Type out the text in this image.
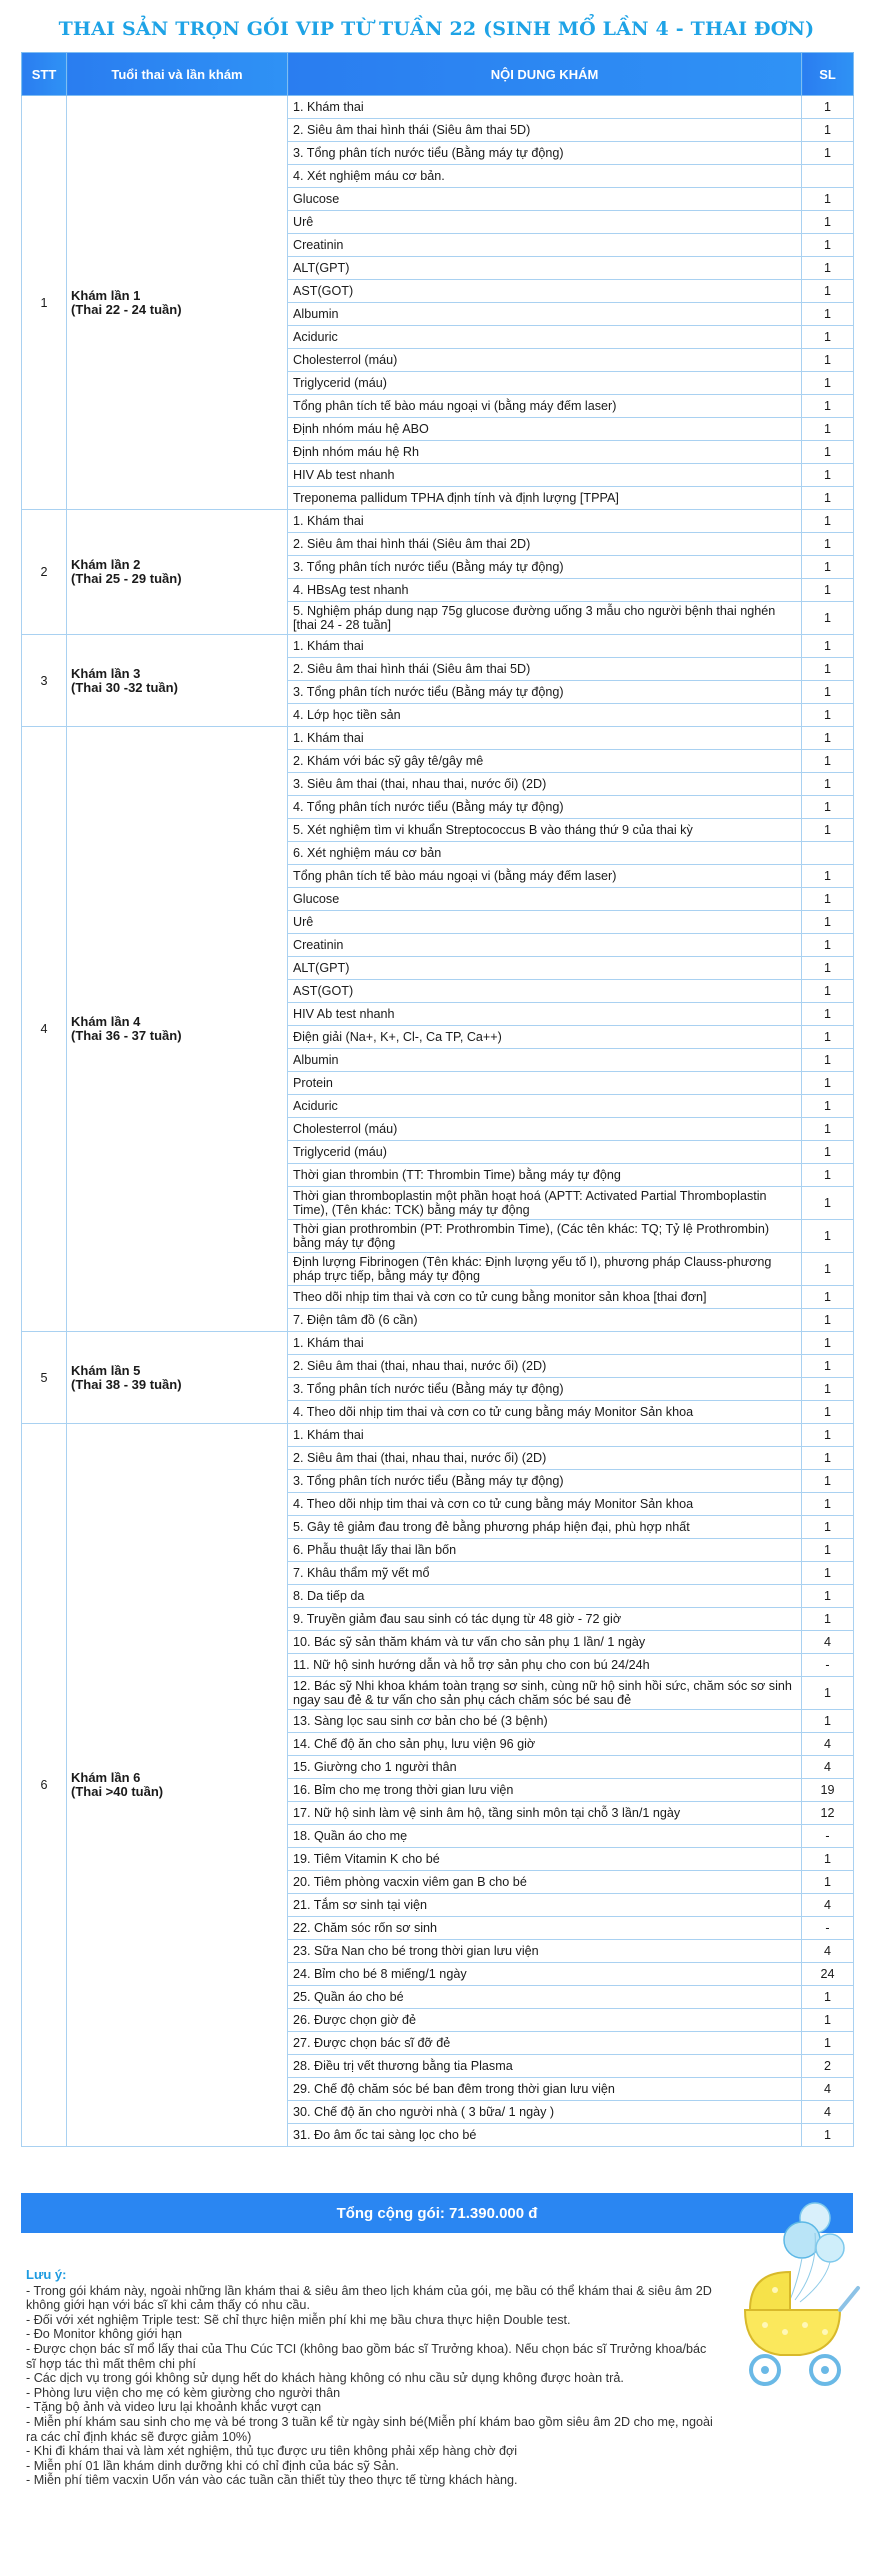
THAI SẢN TRỌN GÓI VIP TỪ TUẦN 22 (SINH MỔ LẦN 4 - THAI ĐƠN)
STT	Tuổi thai và lần khám	NỘI DUNG KHÁM	SL
1	Khám lần 1
(Thai 22 - 24 tuần)	1. Khám thai	1
		2. Siêu âm thai hình thái (Siêu âm thai 5D)	1
		3. Tổng phân tích nước tiểu (Bằng máy tự động)	1
		4. Xét nghiệm máu cơ bản.	
		Glucose	1
		Urê	1
		Creatinin	1
		ALT(GPT)	1
		AST(GOT)	1
		Albumin	1
		Aciduric	1
		Cholesterrol (máu)	1
		Triglycerid (máu)	1
		Tổng phân tích tế bào máu ngoại vi (bằng máy đếm laser)	1
		Định nhóm máu hệ ABO	1
		Định nhóm máu hệ Rh	1
		HIV Ab test nhanh	1
		Treponema pallidum TPHA định tính và định lượng [TPPA]	1
2	Khám lần 2
(Thai 25 - 29 tuần)	1. Khám thai	1
		2. Siêu âm thai hình thái (Siêu âm thai 2D)	1
		3. Tổng phân tích nước tiểu (Bằng máy tự động)	1
		4. HBsAg test nhanh	1
		5. Nghiệm pháp dung nạp 75g glucose đường uống 3 mẫu cho người bệnh thai nghén [thai 24 - 28 tuần]	1
3	Khám lần 3
(Thai 30 -32 tuần)	1. Khám thai	1
		2. Siêu âm thai hình thái (Siêu âm thai 5D)	1
		3. Tổng phân tích nước tiểu (Bằng máy tự động)	1
		4. Lớp học tiền sản	1
4	Khám lần 4
(Thai 36 - 37 tuần)	1. Khám thai	1
		2. Khám với bác sỹ gây tê/gây mê	1
		3. Siêu âm thai (thai, nhau thai, nước ối) (2D)	1
		4. Tổng phân tích nước tiểu (Bằng máy tự động)	1
		5. Xét nghiệm tìm vi khuẩn Streptococcus B vào tháng thứ 9 của thai kỳ	1
		6. Xét nghiệm máu cơ bản	
		Tổng phân tích tế bào máu ngoại vi (bằng máy đếm laser)	1
		Glucose	1
		Urê	1
		Creatinin	1
		ALT(GPT)	1
		AST(GOT)	1
		HIV Ab test nhanh	1
		Điện giải (Na+, K+, Cl-, Ca TP, Ca++)	1
		Albumin	1
		Protein	1
		Aciduric	1
		Cholesterrol (máu)	1
		Triglycerid (máu)	1
		Thời gian thrombin (TT: Thrombin Time) bằng máy tự động	1
		Thời gian thromboplastin một phần hoạt hoá (APTT: Activated Partial Thromboplastin Time), (Tên khác: TCK) bằng máy tự động	1
		Thời gian prothrombin (PT: Prothrombin Time), (Các tên khác: TQ; Tỷ lệ Prothrombin) bằng máy tự động	1
		Định lượng Fibrinogen (Tên khác: Định lượng yếu tố I), phương pháp Clauss-phương pháp trực tiếp, bằng máy tự động	1
		Theo dõi nhịp tim thai và cơn co tử cung bằng monitor sản khoa [thai đơn]	1
		7. Điện tâm đồ (6 cần)	1
5	Khám lần 5
(Thai 38 - 39 tuần)	1. Khám thai	1
		2. Siêu âm thai (thai, nhau thai, nước ối) (2D)	1
		3. Tổng phân tích nước tiểu (Bằng máy tự động)	1
		4. Theo dõi nhịp tim thai và cơn co tử cung bằng máy Monitor Sản khoa	1
6	Khám lần 6
(Thai >40 tuần)	1. Khám thai	1
		2. Siêu âm thai (thai, nhau thai, nước ối) (2D)	1
		3. Tổng phân tích nước tiểu (Bằng máy tự động)	1
		4. Theo dõi nhịp tim thai và cơn co tử cung bằng máy Monitor Sản khoa	1
		5. Gây tê giảm đau trong đẻ bằng phương pháp hiện đại, phù hợp nhất	1
		6. Phẫu thuật lấy thai lần bốn	1
		7. Khâu thẩm mỹ vết mổ	1
		8. Da tiếp da	1
		9. Truyền giảm đau sau sinh có tác dụng từ 48 giờ - 72 giờ	1
		10. Bác sỹ sản thăm khám và tư vấn cho sản phụ 1 lần/ 1 ngày	4
		11. Nữ hộ sinh hướng dẫn và hỗ trợ sản phụ cho con bú 24/24h	-
		12. Bác sỹ Nhi khoa khám toàn trạng sơ sinh, cùng nữ hộ sinh hồi sức, chăm sóc sơ sinh ngay sau đẻ & tư vấn cho sản phụ cách chăm sóc bé sau đẻ	1
		13. Sàng lọc sau sinh cơ bản cho bé (3 bệnh)	1
		14. Chế độ ăn cho sản phụ, lưu viện 96 giờ	4
		15. Giường cho 1 người thân	4
		16. Bỉm cho mẹ trong thời gian lưu viện	19
		17. Nữ hộ sinh làm vệ sinh âm hộ, tầng sinh môn tại chỗ 3 lần/1 ngày	12
		18. Quần áo cho mẹ	-
		19. Tiêm Vitamin K cho bé	1
		20. Tiêm phòng vacxin viêm gan B cho bé	1
		21. Tắm sơ sinh tại viện	4
		22. Chăm sóc rốn sơ sinh	-
		23. Sữa Nan cho bé trong thời gian lưu viện	4
		24. Bỉm cho bé 8 miếng/1 ngày	24
		25. Quần áo cho bé	1
		26. Được chọn giờ đẻ	1
		27. Được chọn bác sĩ đỡ đẻ	1
		28. Điều trị vết thương bằng tia Plasma	2
		29. Chế độ chăm sóc bé ban đêm trong thời gian lưu viện	4
		30. Chế độ ăn cho người nhà ( 3 bữa/ 1 ngày )	4
		31. Đo âm ốc tai sàng lọc cho bé	1
Tổng cộng gói: 71.390.000 đ
Lưu ý:
- Trong gói khám này, ngoài những lần khám thai & siêu âm theo lịch khám của gói, mẹ bầu có thể khám thai & siêu âm 2D không giới hạn với bác sĩ khi cảm thấy có nhu cầu.
- Đối với xét nghiệm Triple test: Sẽ chỉ thực hiện miễn phí khi mẹ bầu chưa thực hiện Double test.
- Đo Monitor không giới hạn
- Được chọn bác sĩ mổ lấy thai của Thu Cúc TCI (không bao gồm bác sĩ Trưởng khoa). Nếu chọn bác sĩ Trưởng khoa/bác sĩ hợp tác thì mất thêm chi phí
- Các dịch vụ trong gói không sử dụng hết do khách hàng không có nhu cầu sử dụng không được hoàn trả.
- Phòng lưu viện cho mẹ có kèm giường cho người thân
- Tặng bộ ảnh và video lưu lại khoảnh khắc vượt cạn
- Miễn phí khám sau sinh cho mẹ và bé trong 3 tuần kể từ ngày sinh bé(Miễn phí khám bao gồm siêu âm 2D cho mẹ, ngoài ra các chỉ định khác sẽ được giảm 10%)
- Khi đi khám thai và làm xét nghiệm, thủ tục được ưu tiên không phải xếp hàng chờ đợi
- Miễn phí 01 lần khám dinh dưỡng khi có chỉ định của bác sỹ Sản.
- Miễn phí tiêm vacxin Uốn ván vào các tuần cần thiết tùy theo thực tế từng khách hàng.
